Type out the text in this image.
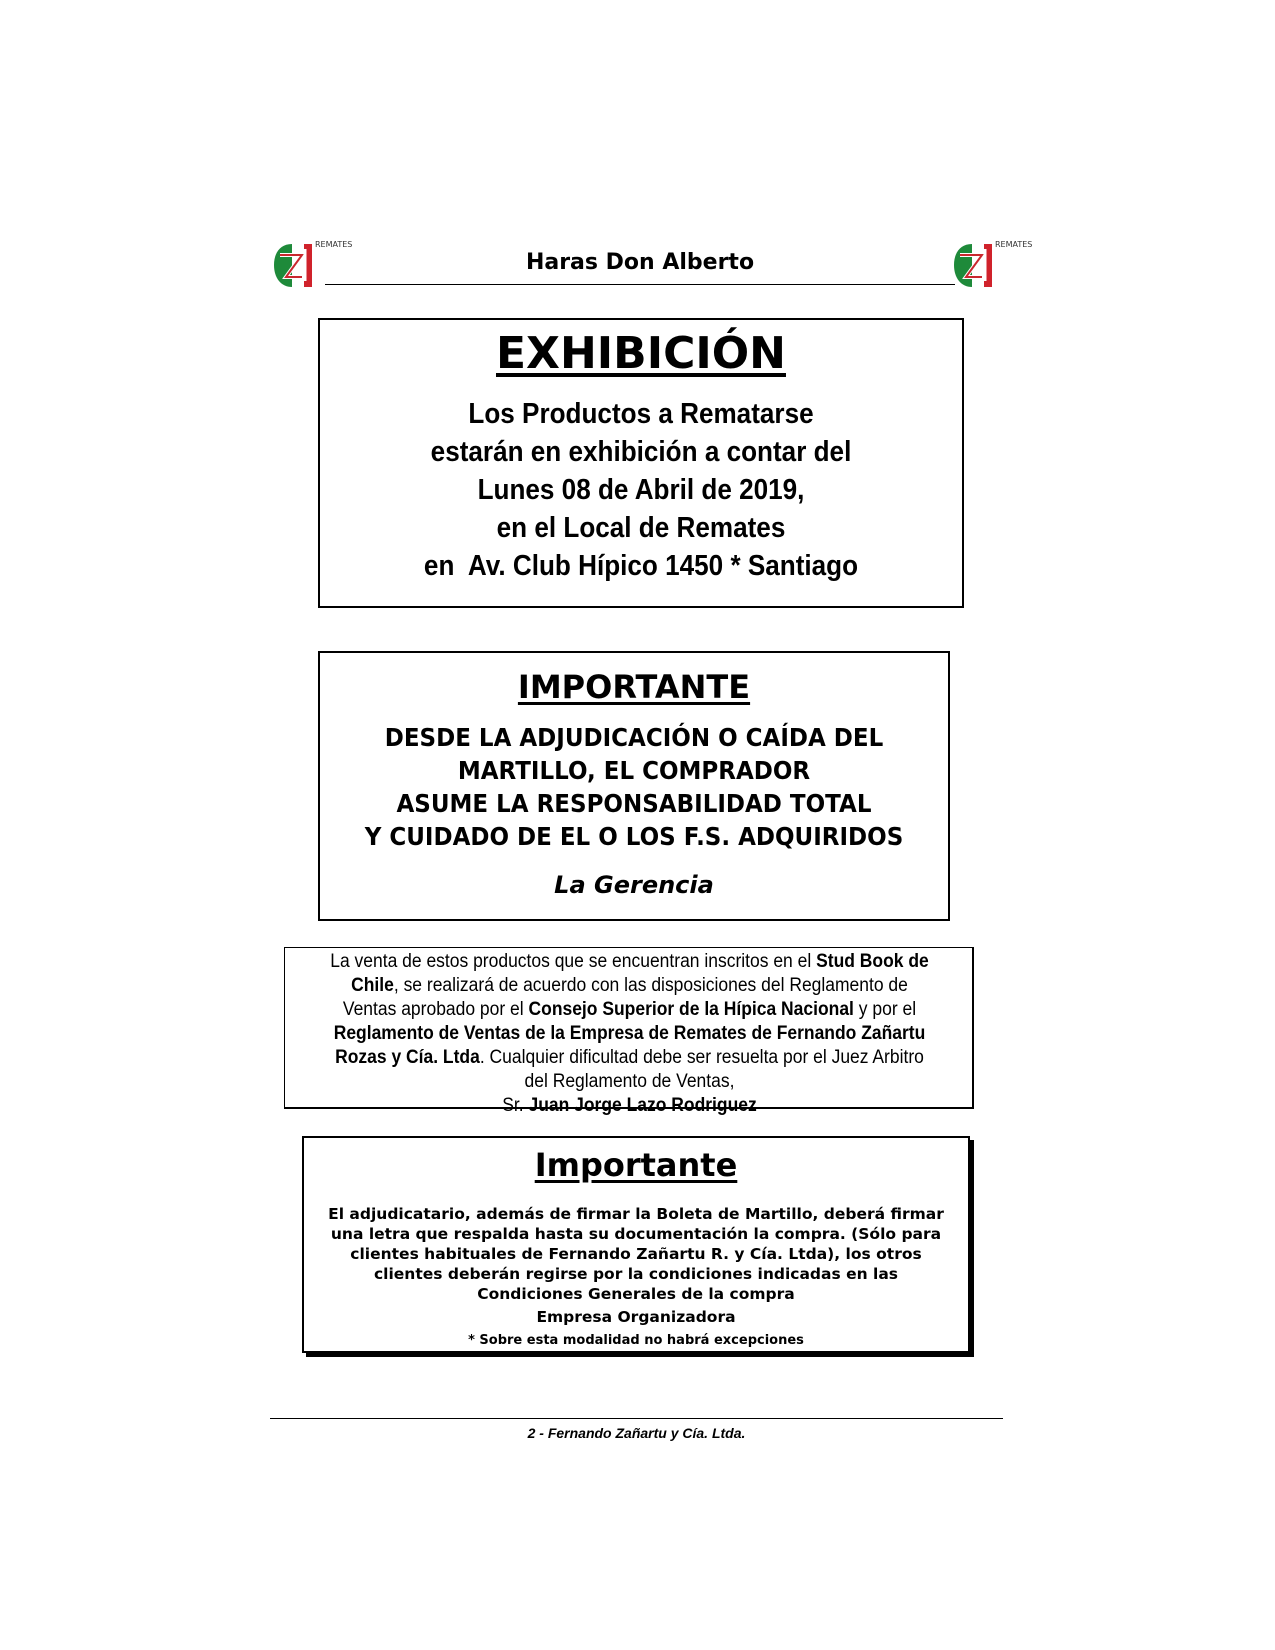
REMATES	REMATES
Haras Don Alberto
EXHIBICIÓN
Los Productos a Rematarse
estarán en exhibición a contar del
Lunes 08 de Abril de 2019,
en el Local de Remates
en  Av. Club Hípico 1450 * Santiago
IMPORTANTE
DESDE LA ADJUDICACIÓN O CAÍDA DEL
MARTILLO, EL COMPRADOR
ASUME LA RESPONSABILIDAD TOTAL
Y CUIDADO DE EL O LOS F.S. ADQUIRIDOS
La Gerencia
La venta de estos productos que se encuentran inscritos en el Stud Book de Chile, se realizará de acuerdo con las disposiciones del Reglamento de Ventas aprobado por el Consejo Superior de la Hípica Nacional y por el Reglamento de Ventas de la Empresa de Remates de Fernando Zañartu Rozas y Cía. Ltda. Cualquier dificultad debe ser resuelta por el Juez Arbitro del Reglamento de Ventas,
Sr. Juan Jorge Lazo Rodriguez
Importante
El adjudicatario, además de firmar la Boleta de Martillo, deberá firmar una letra que respalda hasta su documentación la compra. (Sólo para clientes habituales de Fernando Zañartu R. y Cía. Ltda), los otros clientes deberán regirse por la condiciones indicadas en las Condiciones Generales de la compra
Empresa Organizadora
* Sobre esta modalidad no habrá excepciones
2 - Fernando Zañartu y Cía. Ltda.
